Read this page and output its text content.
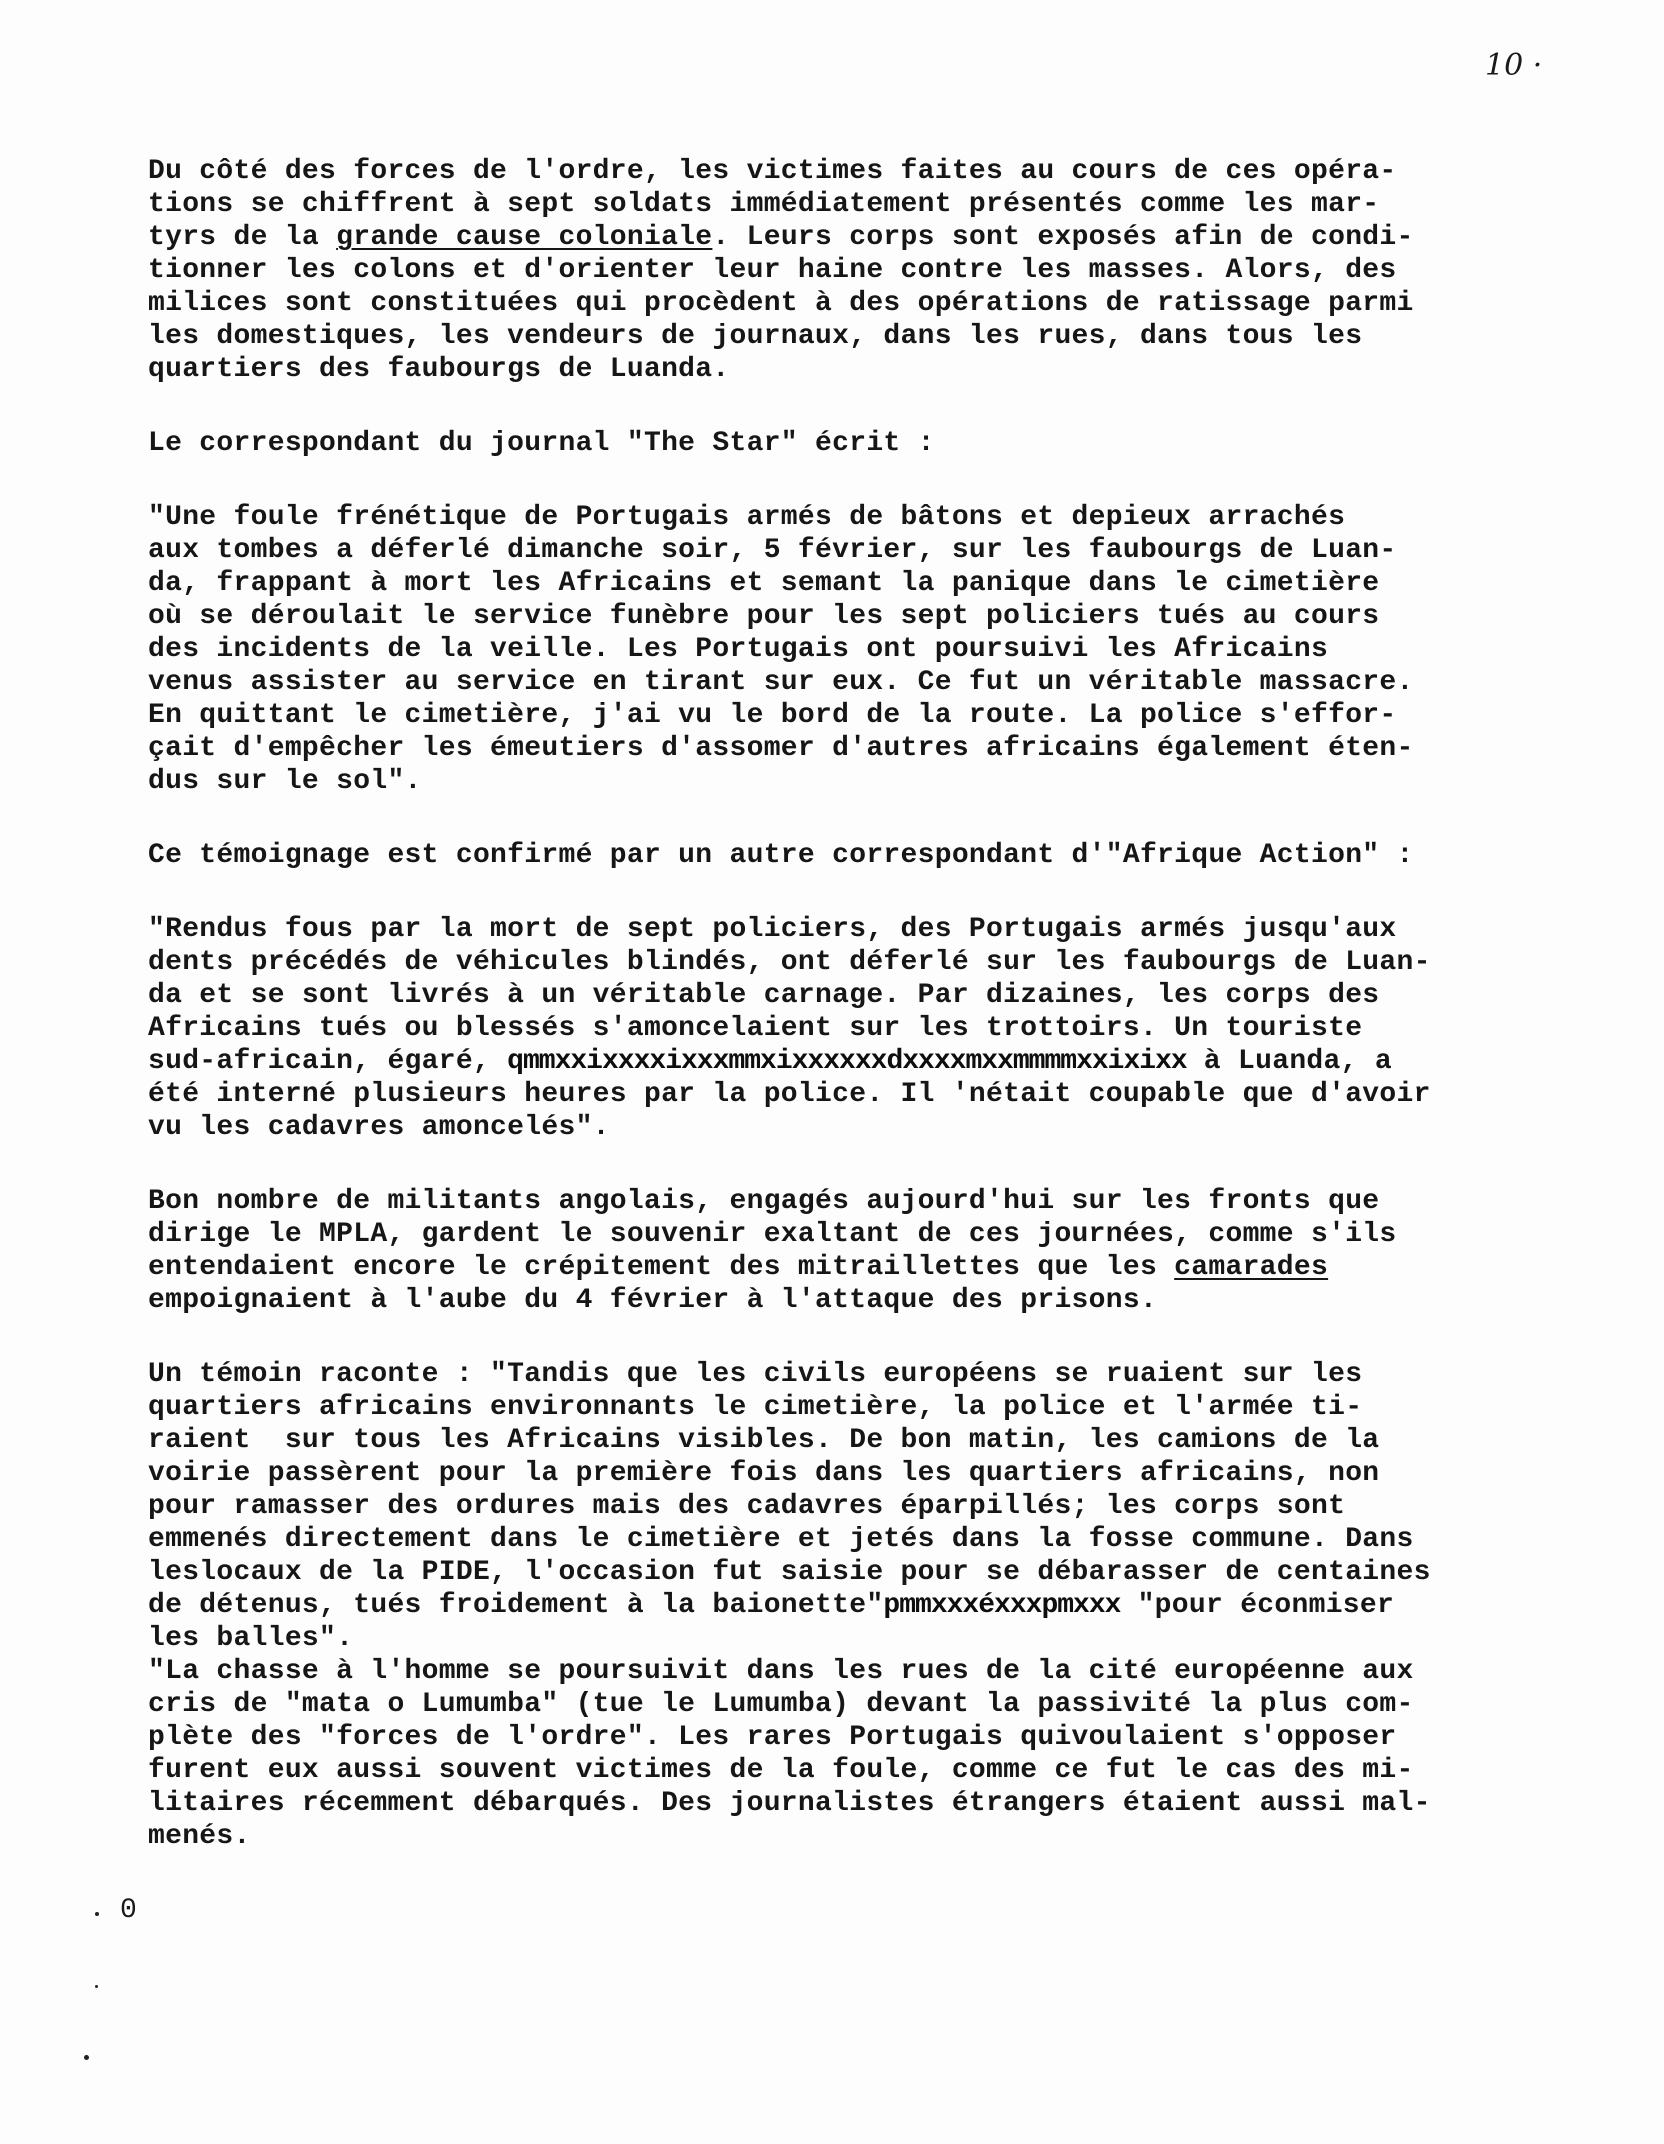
10 ·
Du côté des forces de l'ordre, les victimes faites au cours de ces opéra-
tions se chiffrent à sept soldats immédiatement présentés comme les mar-
tyrs de la grande cause coloniale. Leurs corps sont exposés afin de condi-
tionner les colons et d'orienter leur haine contre les masses. Alors, des
milices sont constituées qui procèdent à des opérations de ratissage parmi
les domestiques, les vendeurs de journaux, dans les rues, dans tous les
quartiers des faubourgs de Luanda.
Le correspondant du journal "The Star" écrit :
"Une foule frénétique de Portugais armés de bâtons et depieux arrachés
aux tombes a déferlé dimanche soir, 5 février, sur les faubourgs de Luan-
da, frappant à mort les Africains et semant la panique dans le cimetière
où se déroulait le service funèbre pour les sept policiers tués au cours
des incidents de la veille. Les Portugais ont poursuivi les Africains
venus assister au service en tirant sur eux. Ce fut un véritable massacre.
En quittant le cimetière, j'ai vu le bord de la route. La police s'effor-
çait d'empêcher les émeutiers d'assomer d'autres africains également éten-
dus sur le sol".
Ce témoignage est confirmé par un autre correspondant d'"Afrique Action" :
"Rendus fous par la mort de sept policiers, des Portugais armés jusqu'aux
dents précédés de véhicules blindés, ont déferlé sur les faubourgs de Luan-
da et se sont livrés à un véritable carnage. Par dizaines, les corps des
Africains tués ou blessés s'amoncelaient sur les trottoirs. Un touriste
sud-africain, égaré, qmmxxixxxxixxxmmxixxxxxxdxxxxmxxmmmmxxixixx à Luanda, a
été interné plusieurs heures par la police. Il 'nétait coupable que d'avoir
vu les cadavres amoncelés".
Bon nombre de militants angolais, engagés aujourd'hui sur les fronts que
dirige le MPLA, gardent le souvenir exaltant de ces journées, comme s'ils
entendaient encore le crépitement des mitraillettes que les camarades
empoignaient à l'aube du 4 février à l'attaque des prisons.
Un témoin raconte : "Tandis que les civils européens se ruaient sur les
quartiers africains environnants le cimetière, la police et l'armée ti-
raient  sur tous les Africains visibles. De bon matin, les camions de la
voirie passèrent pour la première fois dans les quartiers africains, non
pour ramasser des ordures mais des cadavres éparpillés; les corps sont
emmenés directement dans le cimetière et jetés dans la fosse commune. Dans
leslocaux de la PIDE, l'occasion fut saisie pour se débarasser de centaines
de détenus, tués froidement à la baionette"pmmxxxéxxxpmxxx "pour éconmiser
les balles".
"La chasse à l'homme se poursuivit dans les rues de la cité européenne aux
cris de "mata o Lumumba" (tue le Lumumba) devant la passivité la plus com-
plète des "forces de l'ordre". Les rares Portugais quivoulaient s'opposer
furent eux aussi souvent victimes de la foule, comme ce fut le cas des mi-
litaires récemment débarqués. Des journalistes étrangers étaient aussi mal-
menés.
0
